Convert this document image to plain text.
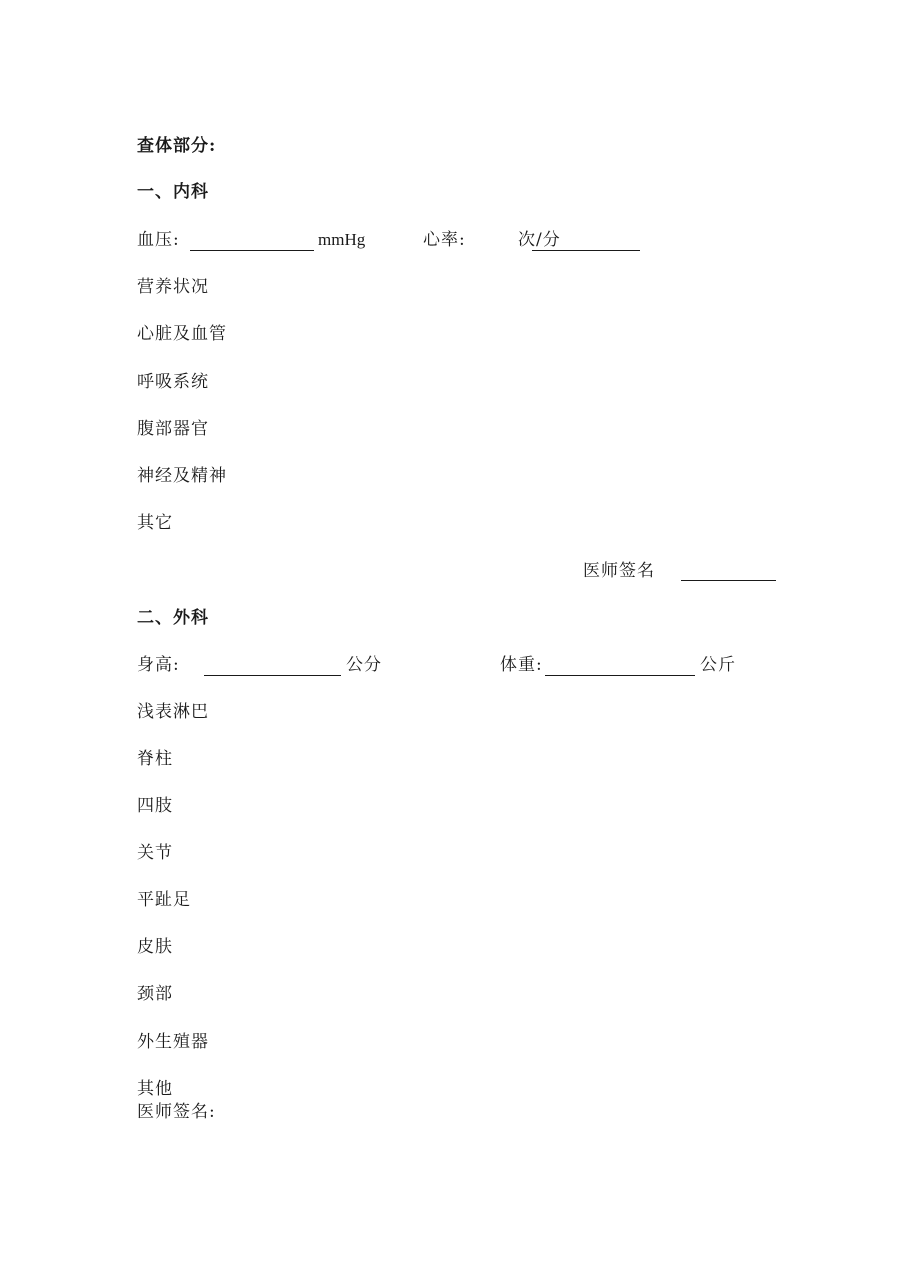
查体部分:
一、内科
血压:	mmHg	心率:	次/分
营养状况
心脏及血管
呼吸系统
腹部器官
神经及精神
其它
医师签名
二、外科
身高:	公分	体重:	公斤
浅表淋巴
脊柱
四肢
关节
平趾足
皮肤
颈部
外生殖器
其他
医师签名:
